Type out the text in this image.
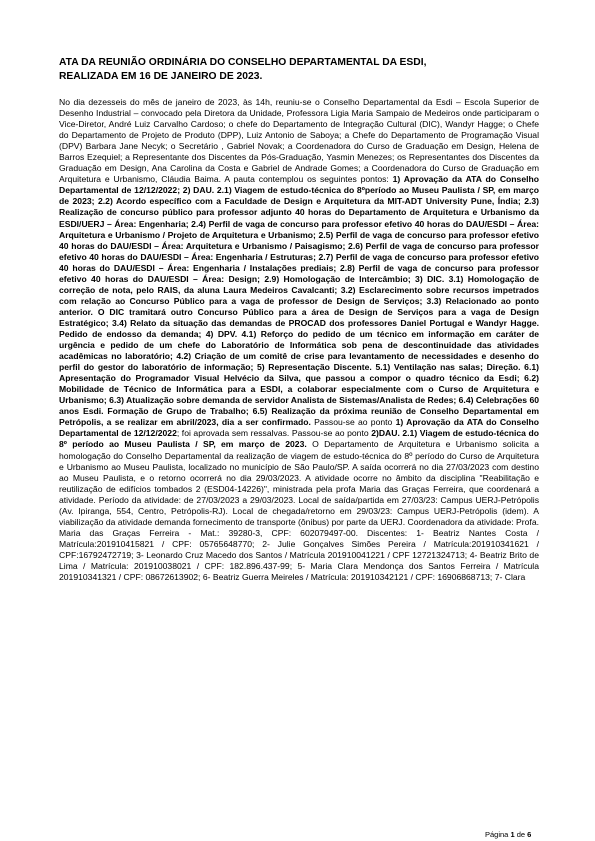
ATA DA REUNIÃO ORDINÁRIA DO CONSELHO DEPARTAMENTAL DA ESDI,
REALIZADA EM 16 DE JANEIRO DE 2023.

No dia dezesseis do mês de janeiro de 2023, às 14h, reuniu-se o Conselho Departamental da Esdi – Escola Superior de Desenho Industrial – convocado pela Diretora da Unidade, Professora Ligia Maria Sampaio de Medeiros onde participaram o Vice-Diretor, André Luiz Carvalho Cardoso; o chefe do Departamento de Integração Cultural (DIC), Wandyr Hagge; o Chefe do Departamento de Projeto de Produto (DPP), Luiz Antonio de Saboya; a Chefe do Departamento de Programação Visual (DPV) Barbara Jane Necyk; o Secretário , Gabriel Novak; a Coordenadora do Curso de Graduação em Design, Helena de Barros Ezequiel; a Representante dos Discentes da Pós-Graduação, Yasmin Menezes; os Representantes dos Discentes da Graduação em Design, Ana Carolina da Costa e Gabriel de Andrade Gomes; a Coordenadora do Curso de Graduação em Arquitetura e Urbanismo, Cláudia Baima. A pauta contemplou os seguintes pontos: 1) Aprovação da ATA do Conselho Departamental de 12/12/2022; 2) DAU. 2.1) Viagem de estudo-técnica do 8ºperíodo ao Museu Paulista / SP, em março de 2023; 2.2) Acordo específico com a Faculdade de Design e Arquitetura da MIT-ADT University Pune, Índia; 2.3) Realização de concurso público para professor adjunto 40 horas do Departamento de Arquitetura e Urbanismo da ESDI/UERJ – Área: Engenharia; 2.4) Perfil de vaga de concurso para professor efetivo 40 horas do DAU/ESDI – Área: Arquitetura e Urbanismo / Projeto de Arquitetura e Urbanismo; 2.5) Perfil de vaga de concurso para professor efetivo 40 horas do DAU/ESDI – Área: Arquitetura e Urbanismo / Paisagismo; 2.6) Perfil de vaga de concurso para professor efetivo 40 horas do DAU/ESDI – Área: Engenharia / Estruturas; 2.7) Perfil de vaga de concurso para professor efetivo 40 horas do DAU/ESDI – Área: Engenharia / Instalações prediais; 2.8) Perfil de vaga de concurso para professor efetivo 40 horas do DAU/ESDI – Área: Design; 2.9) Homologação de Intercâmbio; 3) DIC. 3.1) Homologação de correção de nota, pelo RAIS, da aluna Laura Medeiros Cavalcanti; 3.2) Esclarecimento sobre recursos impetrados com relação ao Concurso Público para a vaga de professor de Design de Serviços; 3.3) Relacionado ao ponto anterior. O DIC tramitará outro Concurso Público para a área de Design de Serviços para a vaga de Design Estratégico; 3.4) Relato da situação das demandas de PROCAD dos professores Daniel Portugal e Wandyr Hagge. Pedido de endosso da demanda; 4) DPV. 4.1) Reforço do pedido de um técnico em informação em caráter de urgência e pedido de um chefe do Laboratório de Informática sob pena de descontinuidade das atividades acadêmicas no laboratório; 4.2) Criação de um comitê de crise para levantamento de necessidades e desenho do perfil do gestor do laboratório de informação; 5) Representação Discente. 5.1) Ventilação nas salas; Direção. 6.1) Apresentação do Programador Visual Helvécio da Silva, que passou a compor o quadro técnico da Esdi; 6.2) Mobilidade de Técnico de Informática para a ESDI, a colaborar especialmente com o Curso de Arquitetura e Urbanismo; 6.3) Atualização sobre demanda de servidor Analista de Sistemas/Analista de Redes; 6.4) Celebrações 60 anos Esdi. Formação de Grupo de Trabalho; 6.5) Realização da próxima reunião de Conselho Departamental em Petrópolis, a se realizar em abril/2023, dia a ser confirmado. Passou-se ao ponto 1) Aprovação da ATA do Conselho Departamental de 12/12/2022; foi aprovada sem ressalvas. Passou-se ao ponto 2)DAU. 2.1) Viagem de estudo-técnica do 8º período ao Museu Paulista / SP, em março de 2023. O Departamento de Arquitetura e Urbanismo solicita a homologação do Conselho Departamental da realização de viagem de estudo-técnica do 8º período do Curso de Arquitetura e Urbanismo ao Museu Paulista, localizado no município de São Paulo/SP. A saída ocorrerá no dia 27/03/2023 com destino ao Museu Paulista, e o retorno ocorrerá no dia 29/03/2023. A atividade ocorre no âmbito da disciplina "Reabilitação e reutilização de edifícios tombados 2 (ESD04-14226)", ministrada pela profa Maria das Graças Ferreira, que coordenará a atividade. Período da atividade: de 27/03/2023 a 29/03/2023. Local de saída/partida em 27/03/23: Campus UERJ-Petrópolis (Av. Ipiranga, 554, Centro, Petrópolis-RJ). Local de chegada/retorno em 29/03/23: Campus UERJ-Petrópolis (idem). A viabilização da atividade demanda fornecimento de transporte (ônibus) por parte da UERJ. Coordenadora da atividade: Profa. Maria das Graças Ferreira - Mat.: 39280-3, CPF: 602079497-00. Discentes: 1- Beatriz Nantes Costa / Matrícula:201910415821 / CPF: 05765648770; 2- Julie Gonçalves Simões Pereira / Matrícula:201910341621 / CPF:16792472719; 3- Leonardo Cruz Macedo dos Santos / Matrícula 201910041221 / CPF 12721324713; 4- Beatriz Brito de Lima / Matrícula: 201910038021 / CPF: 182.896.437-99; 5- Maria Clara Mendonça dos Santos Ferreira / Matrícula 201910341321 / CPF: 08672613902; 6- Beatriz Guerra Meireles / Matrícula: 201910342121 / CPF: 16906868713; 7- Clara

Página 1 de 6
